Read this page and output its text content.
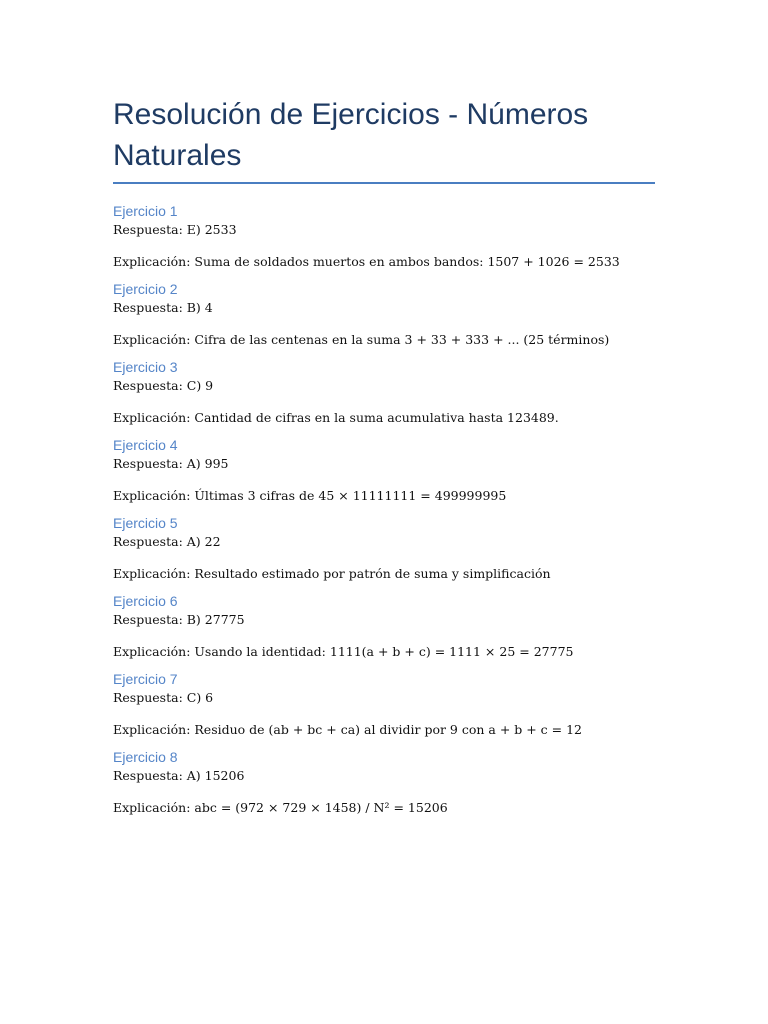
Resolución de Ejercicios - Números Naturales
Ejercicio 1

Respuesta: E) 2533

Explicación: Suma de soldados muertos en ambos bandos: 1507 + 1026 = 2533

Ejercicio 2

Respuesta: B) 4

Explicación: Cifra de las centenas en la suma 3 + 33 + 333 + ... (25 términos)

Ejercicio 3

Respuesta: C) 9

Explicación: Cantidad de cifras en la suma acumulativa hasta 123489.

Ejercicio 4

Respuesta: A) 995

Explicación: Últimas 3 cifras de 45 × 11111111 = 499999995

Ejercicio 5

Respuesta: A) 22

Explicación: Resultado estimado por patrón de suma y simplificación

Ejercicio 6

Respuesta: B) 27775

Explicación: Usando la identidad: 1111(a + b + c) = 1111 × 25 = 27775

Ejercicio 7

Respuesta: C) 6

Explicación: Residuo de (ab + bc + ca) al dividir por 9 con a + b + c = 12

Ejercicio 8

Respuesta: A) 15206

Explicación: abc = (972 × 729 × 1458) / N² = 15206
